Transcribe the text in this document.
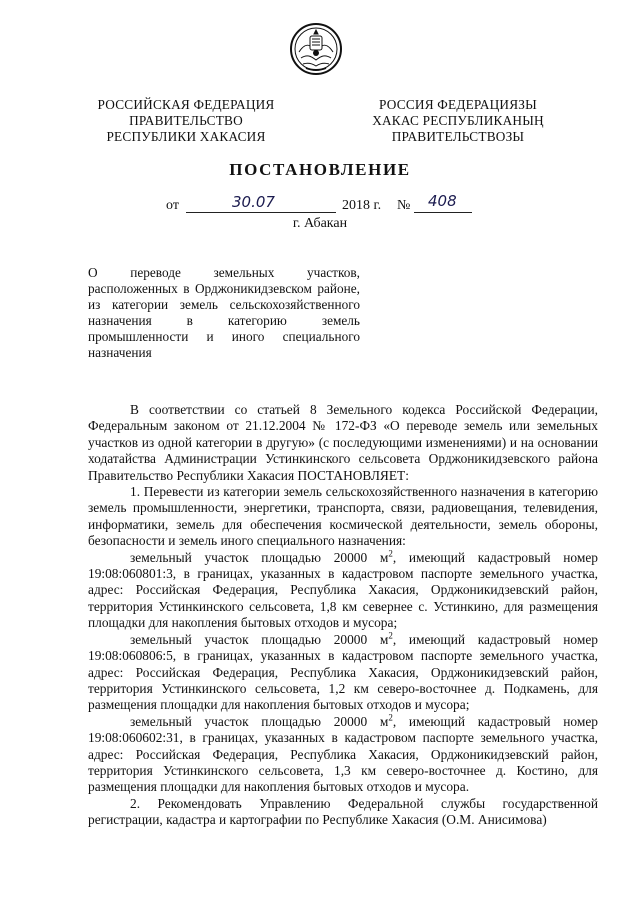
РОССИЙСКАЯ ФЕДЕРАЦИЯ
ПРАВИТЕЛЬСТВО
РЕСПУБЛИКИ ХАКАСИЯ
РОССИЯ ФЕДЕРАЦИЯЗЫ
ХАКАС РЕСПУБЛИКАНЫҢ
ПРАВИТЕЛЬСТВОЗЫ
ПОСТАНОВЛЕНИЕ
от	30.07	2018 г. № 408
г. Абакан

О переводе земельных участков, расположенных в Орджоникидзевском районе, из категории земель сельскохозяйственного назначения в категорию земель промышленности и иного специального назначения

В соответствии со статьей 8 Земельного кодекса Российской Федерации, Федеральным законом от 21.12.2004 № 172-ФЗ «О переводе земель или земельных участков из одной категории в другую» (с последующими изменениями) и на основании ходатайства Администрации Устинкинского сельсовета Орджоникидзевского района Правительство Республики Хакасия ПОСТАНОВЛЯЕТ:

1. Перевести из категории земель сельскохозяйственного назначения в категорию земель промышленности, энергетики, транспорта, связи, радиовещания, телевидения, информатики, земель для обеспечения космической деятельности, земель обороны, безопасности и земель иного специального назначения:

земельный участок площадью 20000 $м^2$, имеющий кадастровый номер 19:08:060801:3, в границах, указанных в кадастровом паспорте земельного участка, адрес: Российская Федерация, Республика Хакасия, Орджоникидзевский район, территория Устинкинского сельсовета, 1,8 км севернее с. Устинкино, для размещения площадки для накопления бытовых отходов и мусора;

земельный участок площадью 20000 $м^2$, имеющий кадастровый номер 19:08:060806:5, в границах, указанных в кадастровом паспорте земельного участка, адрес: Российская Федерация, Республика Хакасия, Орджоникидзевский район, территория Устинкинского сельсовета, 1,2 км северо-восточнее д. Подкамень, для размещения площадки для накопления бытовых отходов и мусора;

земельный участок площадью 20000 $м^2$, имеющий кадастровый номер 19:08:060602:31, в границах, указанных в кадастровом паспорте земельного участка, адрес: Российская Федерация, Республика Хакасия, Орджоникидзевский район, территория Устинкинского сельсовета, 1,3 км северо-восточнее д. Костино, для размещения площадки для накопления бытовых отходов и мусора.

2. Рекомендовать Управлению Федеральной службы государственной регистрации, кадастра и картографии по Республике Хакасия (О.М. Анисимова)
